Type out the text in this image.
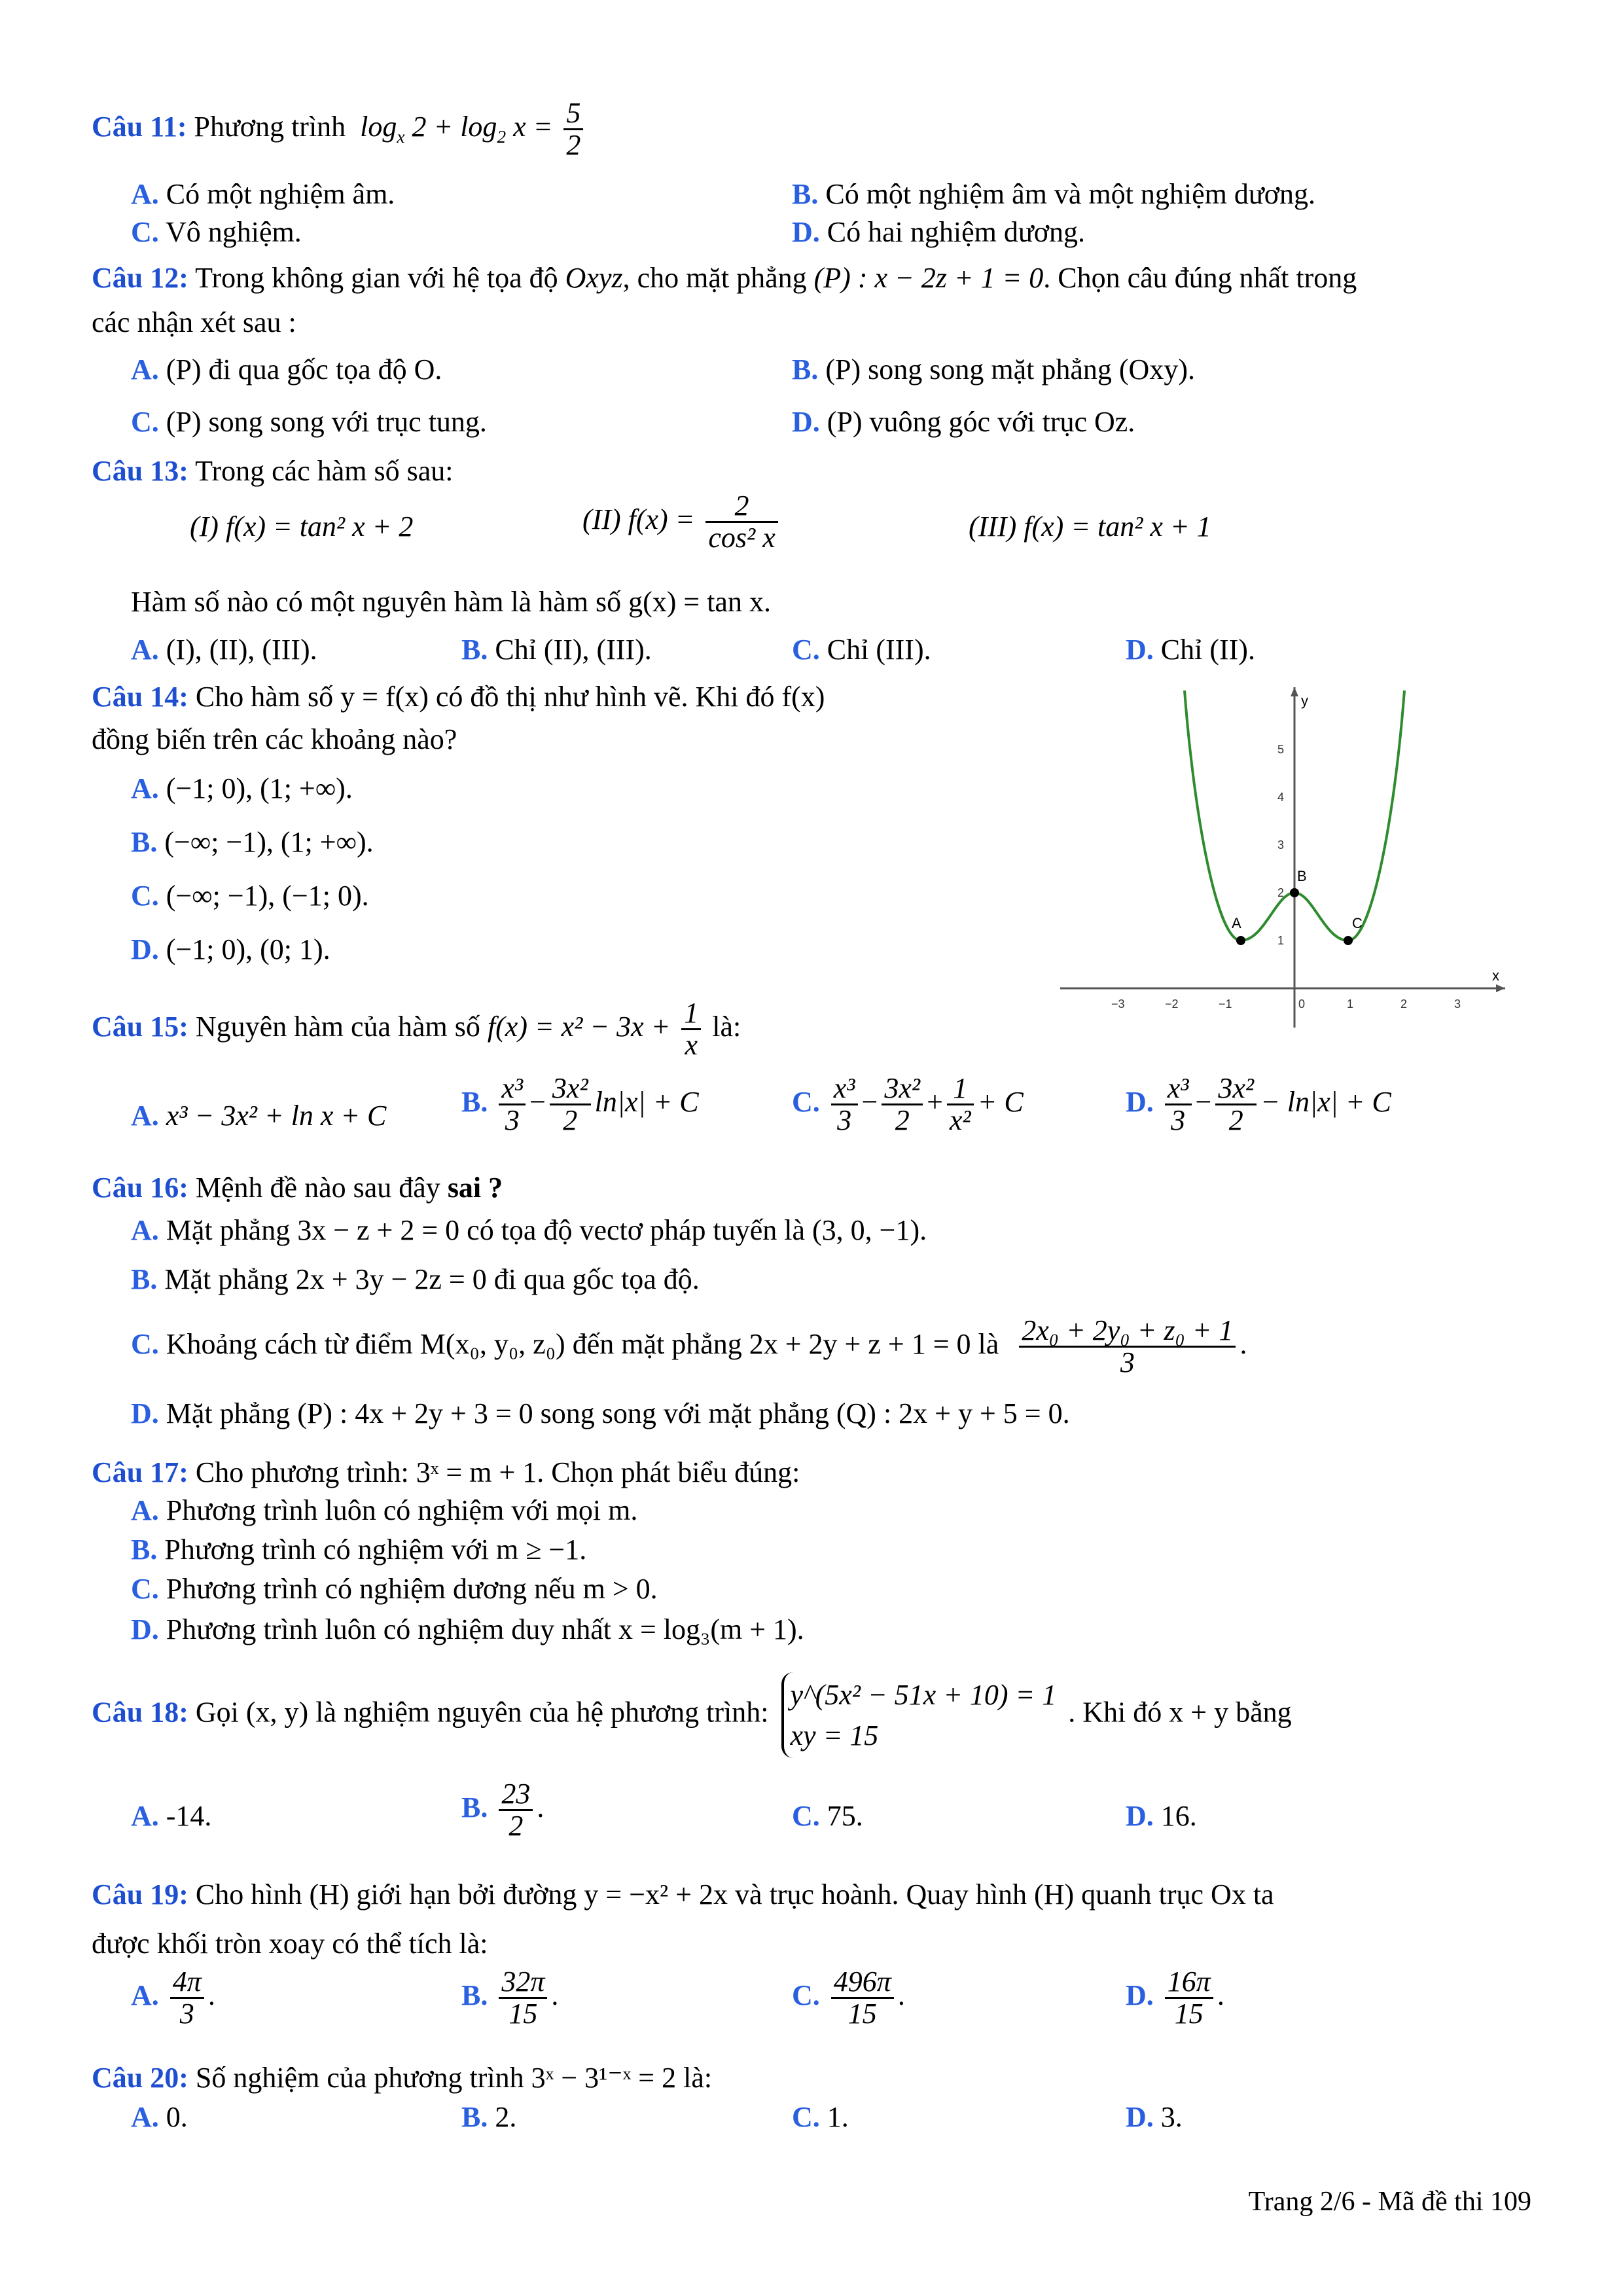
Câu 11: Phương trình  $\log_x 2 + \log_2 x = \frac{5}{2}$
A. Có một nghiệm âm.	B. Có một nghiệm âm và một nghiệm dương.
C. Vô nghiệm.	D. Có hai nghiệm dương.
Câu 12: Trong không gian với hệ tọa độ Oxyz, cho mặt phẳng (P) : x − 2z + 1 = 0. Chọn câu đúng nhất trong
các nhận xét sau :
A. (P) đi qua gốc tọa độ O.	B. (P) song song mặt phẳng (Oxy).
C. (P) song song với trục tung.	D. (P) vuông góc với trục Oz.
Câu 13: Trong các hàm số sau:
(I) f(x) = tan² x + 2	(II) $f(x) = \frac{2}{\text{cos² x}}$	(III) f(x) = tan² x + 1
Hàm số nào có một nguyên hàm là hàm số g(x) = tan x.
A. (I), (II), (III).	B. Chỉ (II), (III).	C. Chỉ (III).	D. Chỉ (II).
Câu 14: Cho hàm số y = f(x) có đồ thị như hình vẽ. Khi đó f(x)
đồng biến trên các khoảng nào?
A. (−1; 0), (1; +∞).
B. (−∞; −1), (1; +∞).
C. (−∞; −1), (−1; 0).
D. (−1; 0), (0; 1).
x
y
−3	−2	−1	0	1	2	3
1
2
3
4
5
A
B
C
Câu 15: Nguyên hàm của hàm số $f(x) = x^2 - 3x + \frac{1}{x}$ là:
A. x³ − 3x² + ln x + C	B. $\frac{\text{x³}}{3} - \frac{\text{3x²}}{2} \ln|x| + C$	C. $\frac{\text{x³}}{3} - \frac{\text{3x²}}{2} + \frac{1}{\text{x²}} + C$	D. $\frac{\text{x³}}{3} - \frac{\text{3x²}}{2} - \ln|x| + C$
Câu 16: Mệnh đề nào sau đây sai ?
A. Mặt phẳng 3x − z + 2 = 0 có tọa độ vectơ pháp tuyến là (3, 0, −1).
B. Mặt phẳng 2x + 3y − 2z = 0 đi qua gốc tọa độ.
C. Khoảng cách từ điểm M(x₀, y₀, z₀) đến mặt phẳng 2x + 2y + z + 1 = 0 là $\frac{\text{2x₀ + 2y₀ + z₀ + 1}}{3}$ .
D. Mặt phẳng (P) : 4x + 2y + 3 = 0 song song với mặt phẳng (Q) : 2x + y + 5 = 0.
Câu 17: Cho phương trình: 3ˣ = m + 1. Chọn phát biểu đúng:
A. Phương trình luôn có nghiệm với mọi m.
B. Phương trình có nghiệm với m ≥ −1.
C. Phương trình có nghiệm dương nếu m > 0.
D. Phương trình luôn có nghiệm duy nhất x = log₃(m + 1).
Câu 18: Gọi (x, y) là nghiệm nguyên của hệ phương trình:
y^(5x² − 51x + 10) = 1
xy = 15
. Khi đó x + y bằng
A. -14.	B. $\frac{23}{2}$ .	C. 75.	D. 16.
Câu 19: Cho hình (H) giới hạn bởi đường y = −x² + 2x và trục hoành. Quay hình (H) quanh trục Ox ta
được khối tròn xoay có thể tích là:
A. $\frac{4\pi}{3}$ .	B. $\frac{32\pi}{15}$ .	C. $\frac{496\pi}{15}$ .	D. $\frac{16\pi}{15}$ .
Câu 20: Số nghiệm của phương trình 3ˣ − 3¹⁻ˣ = 2 là:
A. 0.	B. 2.	C. 1.	D. 3.
Trang 2/6 - Mã đề thi 109
